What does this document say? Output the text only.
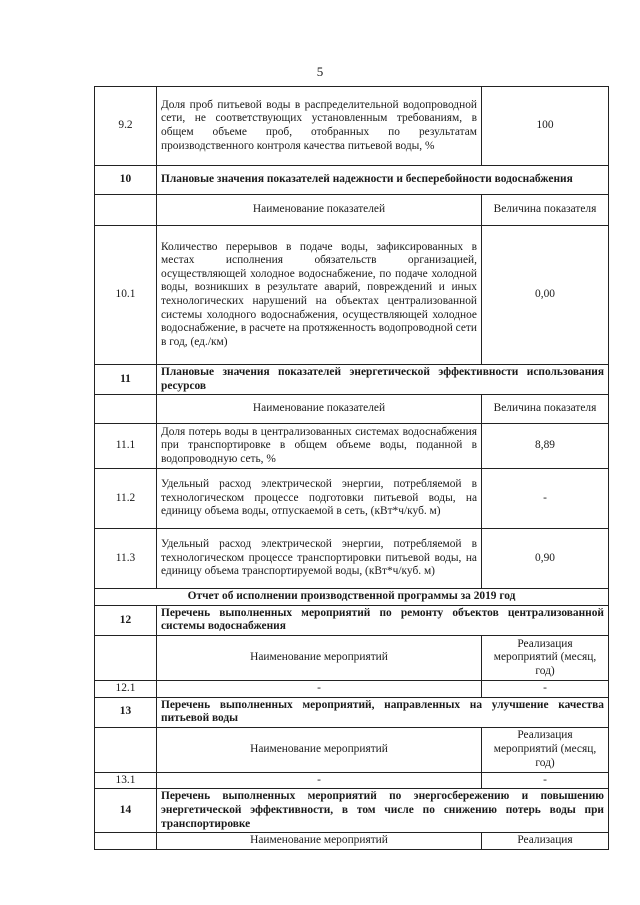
5
9.2	Доля проб питьевой воды в распределительной водопроводной сети, не соответствующих установленным требованиям, в общем объеме проб, отобранных по результатам производственного контроля качества питьевой воды, %	100
10	Плановые значения показателей надежности и бесперебойности водоснабжения	
	Наименование показателей	Величина показателя
10.1	Количество перерывов в подаче воды, зафиксированных в местах исполнения обязательств организацией, осуществляющей холодное водоснабжение, по подаче холодной воды, возникших в результате аварий, повреждений и иных технологических нарушений на объектах централизованной системы холодного водоснабжения, осуществляющей холодное водоснабжение, в расчете на протяженность водопроводной сети в год, (ед./км)	0,00
11	Плановые значения показателей энергетической эффективности использования ресурсов	
	Наименование показателей	Величина показателя
11.1	Доля потерь воды в централизованных системах водоснабжения при транспортировке в общем объеме воды, поданной в водопроводную сеть, %	8,89
11.2	Удельный расход электрической энергии, потребляемой в технологическом процессе подготовки питьевой воды, на единицу объема воды, отпускаемой в сеть, (кВт*ч/куб. м)	-
11.3	Удельный расход электрической энергии, потребляемой в технологическом процессе транспортировки питьевой воды, на единицу объема транспортируемой воды, (кВт*ч/куб. м)	0,90
Отчет об исполнении производственной программы за 2019 год		
12	Перечень выполненных мероприятий по ремонту объектов централизованной системы водоснабжения	
	Наименование мероприятий	Реализация мероприятий (месяц, год)
12.1	-	-
13	Перечень выполненных мероприятий, направленных на улучшение качества питьевой воды	
	Наименование мероприятий	Реализация мероприятий (месяц, год)
13.1	-	-
14	Перечень выполненных мероприятий по энергосбережению и повышению энергетической эффективности, в том числе по снижению потерь воды при транспортировке	
	Наименование мероприятий	Реализация
